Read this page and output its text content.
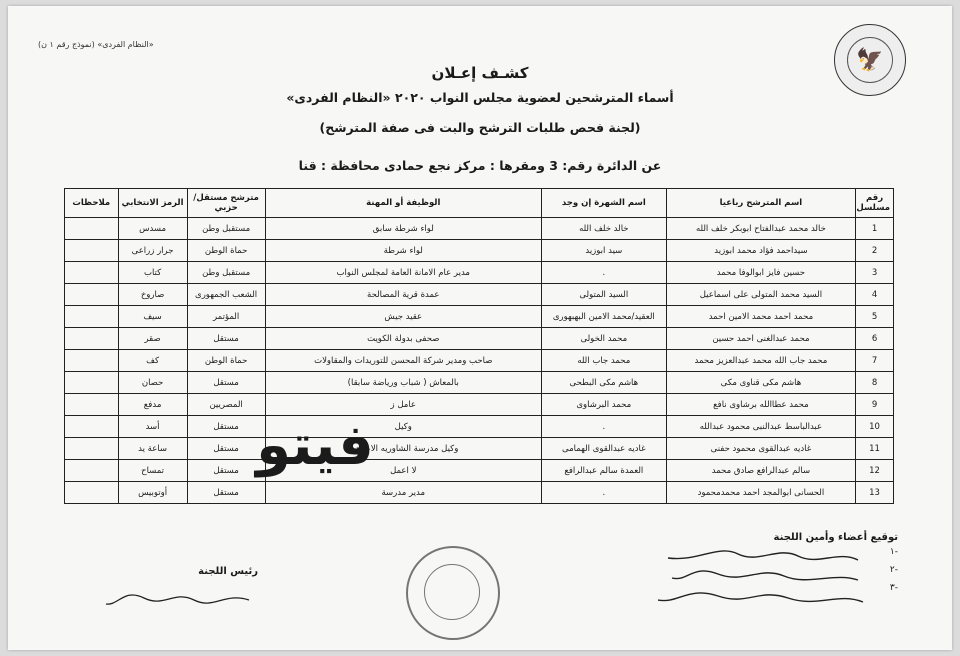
(نموذج رقم ١ ن) «النظام الفردى»
🦅
كشـف إعـلان
أسماء المترشحين لعضوية مجلس النواب ٢٠٢٠ «النظام الفردى»
(لجنة فحص طلبات الترشح والبت فى صفة المترشح)
عن الدائرة رقم: 3 ومقرها : مركز نجع حمادى محافظة : قنا
رقم مسلسل	اسم المترشح رباعيا	اسم الشهرة إن وجد	الوظيفة أو المهنة	مترشح مستقل/حزبي	الرمز الانتخابي	ملاحظات
1	خالد محمد عبدالفتاح ابوبكر خلف الله	خالد خلف الله	لواء شرطة سابق	مستقبل وطن	مسدس	
2	سيداحمد فؤاد محمد ابوزيد	سيد ابوزيد	لواء شرطة	حماة الوطن	جرار زراعى	
3	حسين فايز ابوالوفا محمد	.	مدير عام الامانة العامة لمجلس النواب	مستقبل وطن	كتاب	
4	السيد محمد المتولى على اسماعيل	السيد المتولى	عمدة قرية المصالحة	الشعب الجمهورى	صاروخ	
5	محمد احمد محمد الامين احمد	العقيد/محمد الامين البهبهورى	عقيد جيش	المؤتمر	سيف	
6	محمد عبدالغنى احمد حسين	محمد الخولى	صحفى بدولة الكويت	مستقل	صقر	
7	محمد جاب الله محمد عبدالعزيز محمد	محمد جاب الله	صاحب ومدير شركة المحسن للتوريدات والمقاولات	حماة الوطن	كف	
8	هاشم مكى قناوى مكى	هاشم مكى البطحى	بالمعاش ( شباب ورياضة سابقا)	مستقل	حصان	
9	محمد عطاالله برشاوى نافع	محمد البرشاوى	عامل ز	المصريين	مدفع	
10	عبدالباسط عبدالنبى محمود عبدالله	.	وكيل	مستقل	أسد	
11	غاديه عبدالقوى محمود حفنى	غاديه عبدالقوى الهمامى	وكيل مدرسة الشاوريه الاعدادية	مستقل	ساعة يد	
12	سالم عبدالرافع صادق محمد	العمدة سالم عبدالرافع	لا اعمل	مستقل	تمساح	
13	الحسانى ابوالمجد احمد محمدمحمود	.	مدير مدرسة	مستقل	أوتوبيس	
فيتو
توقيع أعضاء وأمين اللجنة
-١
-٢
-٣
رئيس اللجنة
